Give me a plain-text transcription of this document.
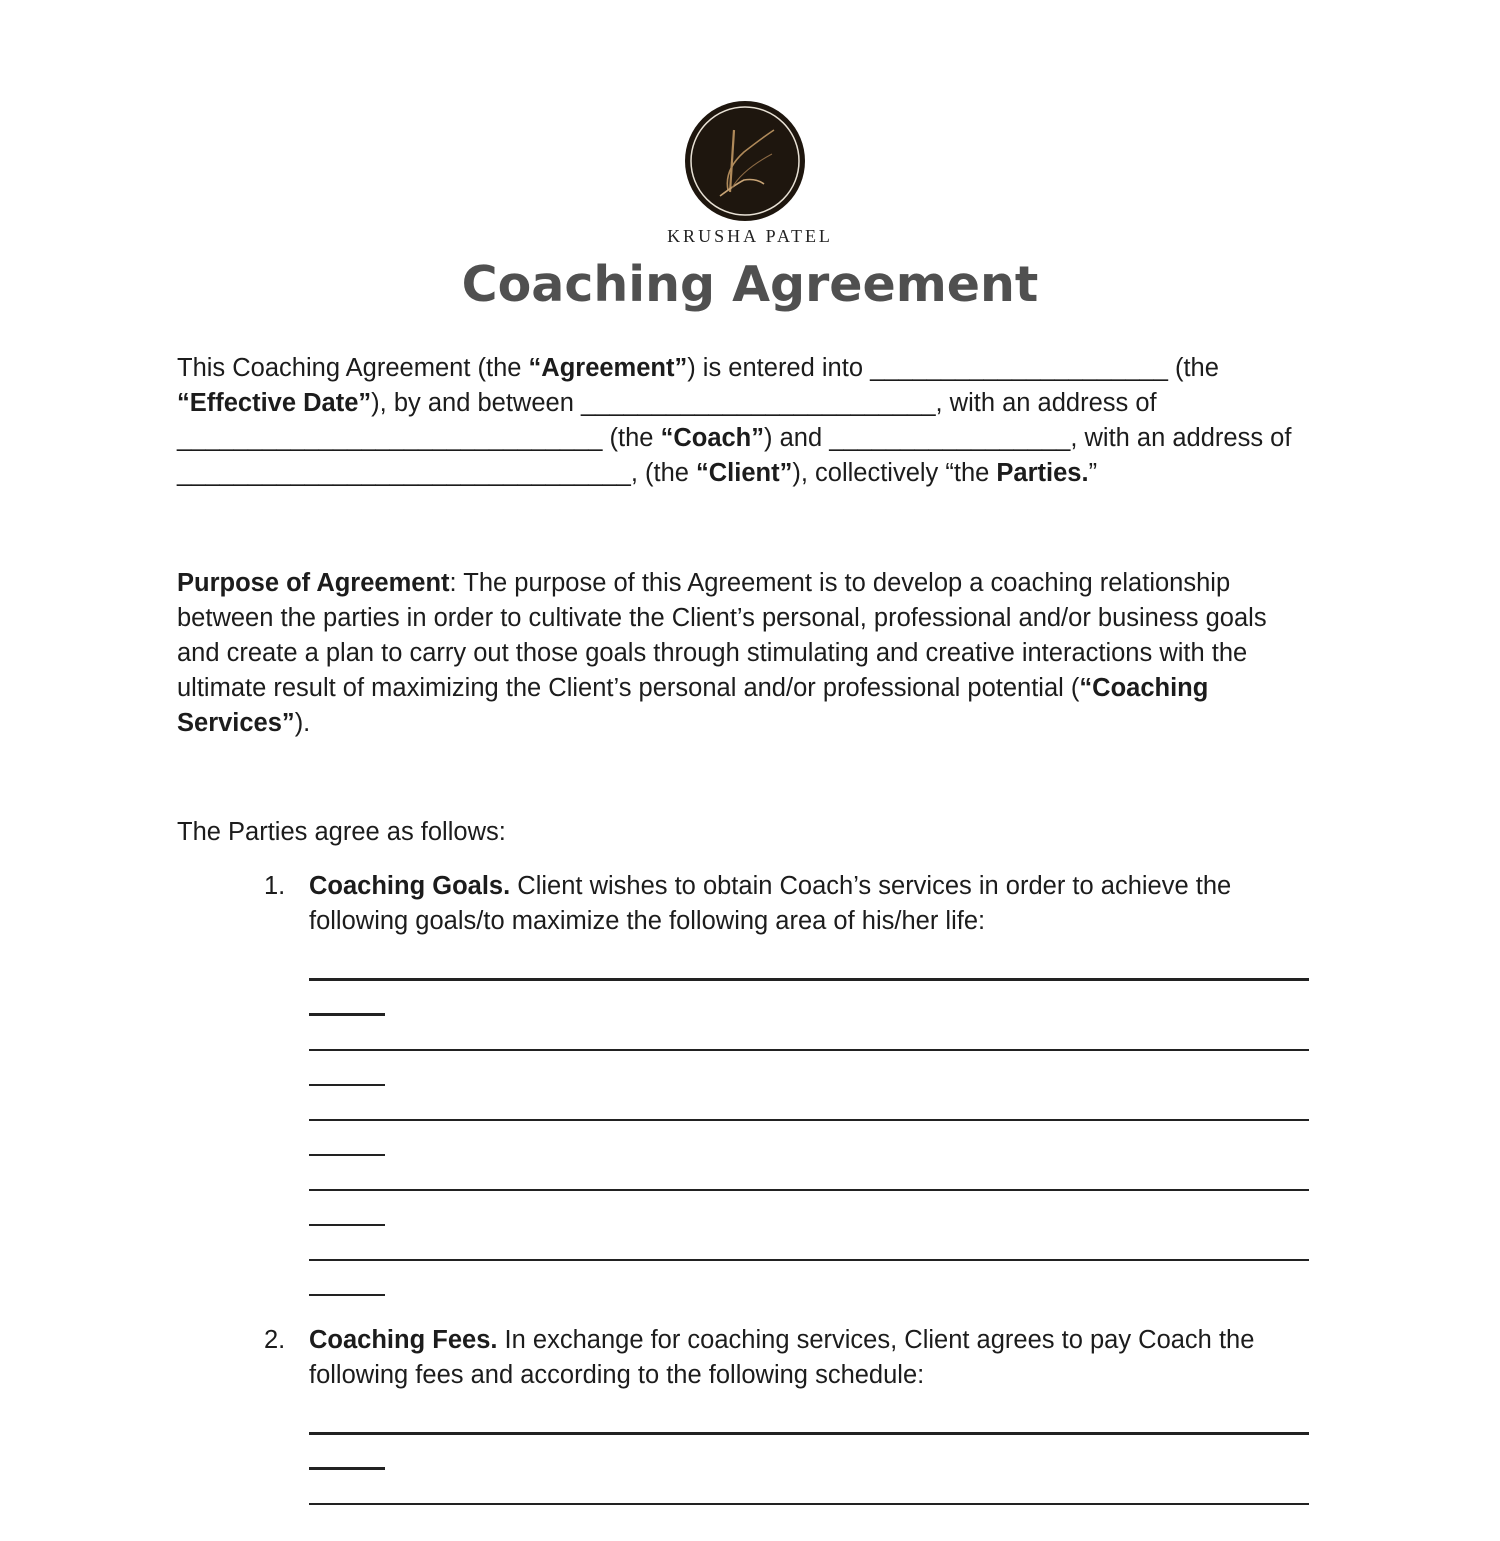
KRUSHA PATEL
Coaching Agreement

This Coaching Agreement (the “Agreement”) is entered into _____________________ (the “Effective Date”), by and between _________________________, with an address of ______________________________ (the “Coach”) and _________________, with an address of ________________________________, (the “Client”), collectively “the Parties.”

Purpose of Agreement: The purpose of this Agreement is to develop a coaching relationship between the parties in order to cultivate the Client’s personal, professional and/or business goals and create a plan to carry out those goals through stimulating and creative interactions with the ultimate result of maximizing the Client’s personal and/or professional potential (“Coaching Services”).

The Parties agree as follows:

1. Coaching Goals. Client wishes to obtain Coach’s services in order to achieve the following goals/to maximize the following area of his/her life:
2. Coaching Fees. In exchange for coaching services, Client agrees to pay Coach the following fees and according to the following schedule:
